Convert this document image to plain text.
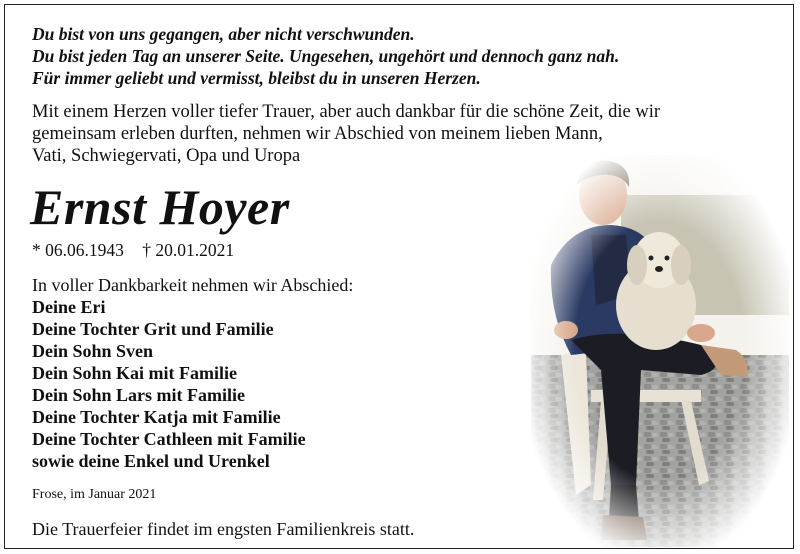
Du bist von uns gegangen, aber nicht verschwunden.
Du bist jeden Tag an unserer Seite. Ungesehen, ungehört und dennoch ganz nah.
Für immer geliebt und vermisst, bleibst du in unseren Herzen.
Mit einem Herzen voller tiefer Trauer, aber auch dankbar für die schöne Zeit, die wir
gemeinsam erleben durften, nehmen wir Abschied von meinem lieben Mann,
Vati, Schwiegervati, Opa und Uropa
Ernst Hoyer
* 06.06.1943 † 20.01.2021
In voller Dankbarkeit nehmen wir Abschied:
Deine Eri
Deine Tochter Grit und Familie
Dein Sohn Sven
Dein Sohn Kai mit Familie
Dein Sohn Lars mit Familie
Deine Tochter Katja mit Familie
Deine Tochter Cathleen mit Familie
sowie deine Enkel und Urenkel
Frose, im Januar 2021
Die Trauerfeier findet im engsten Familienkreis statt.
